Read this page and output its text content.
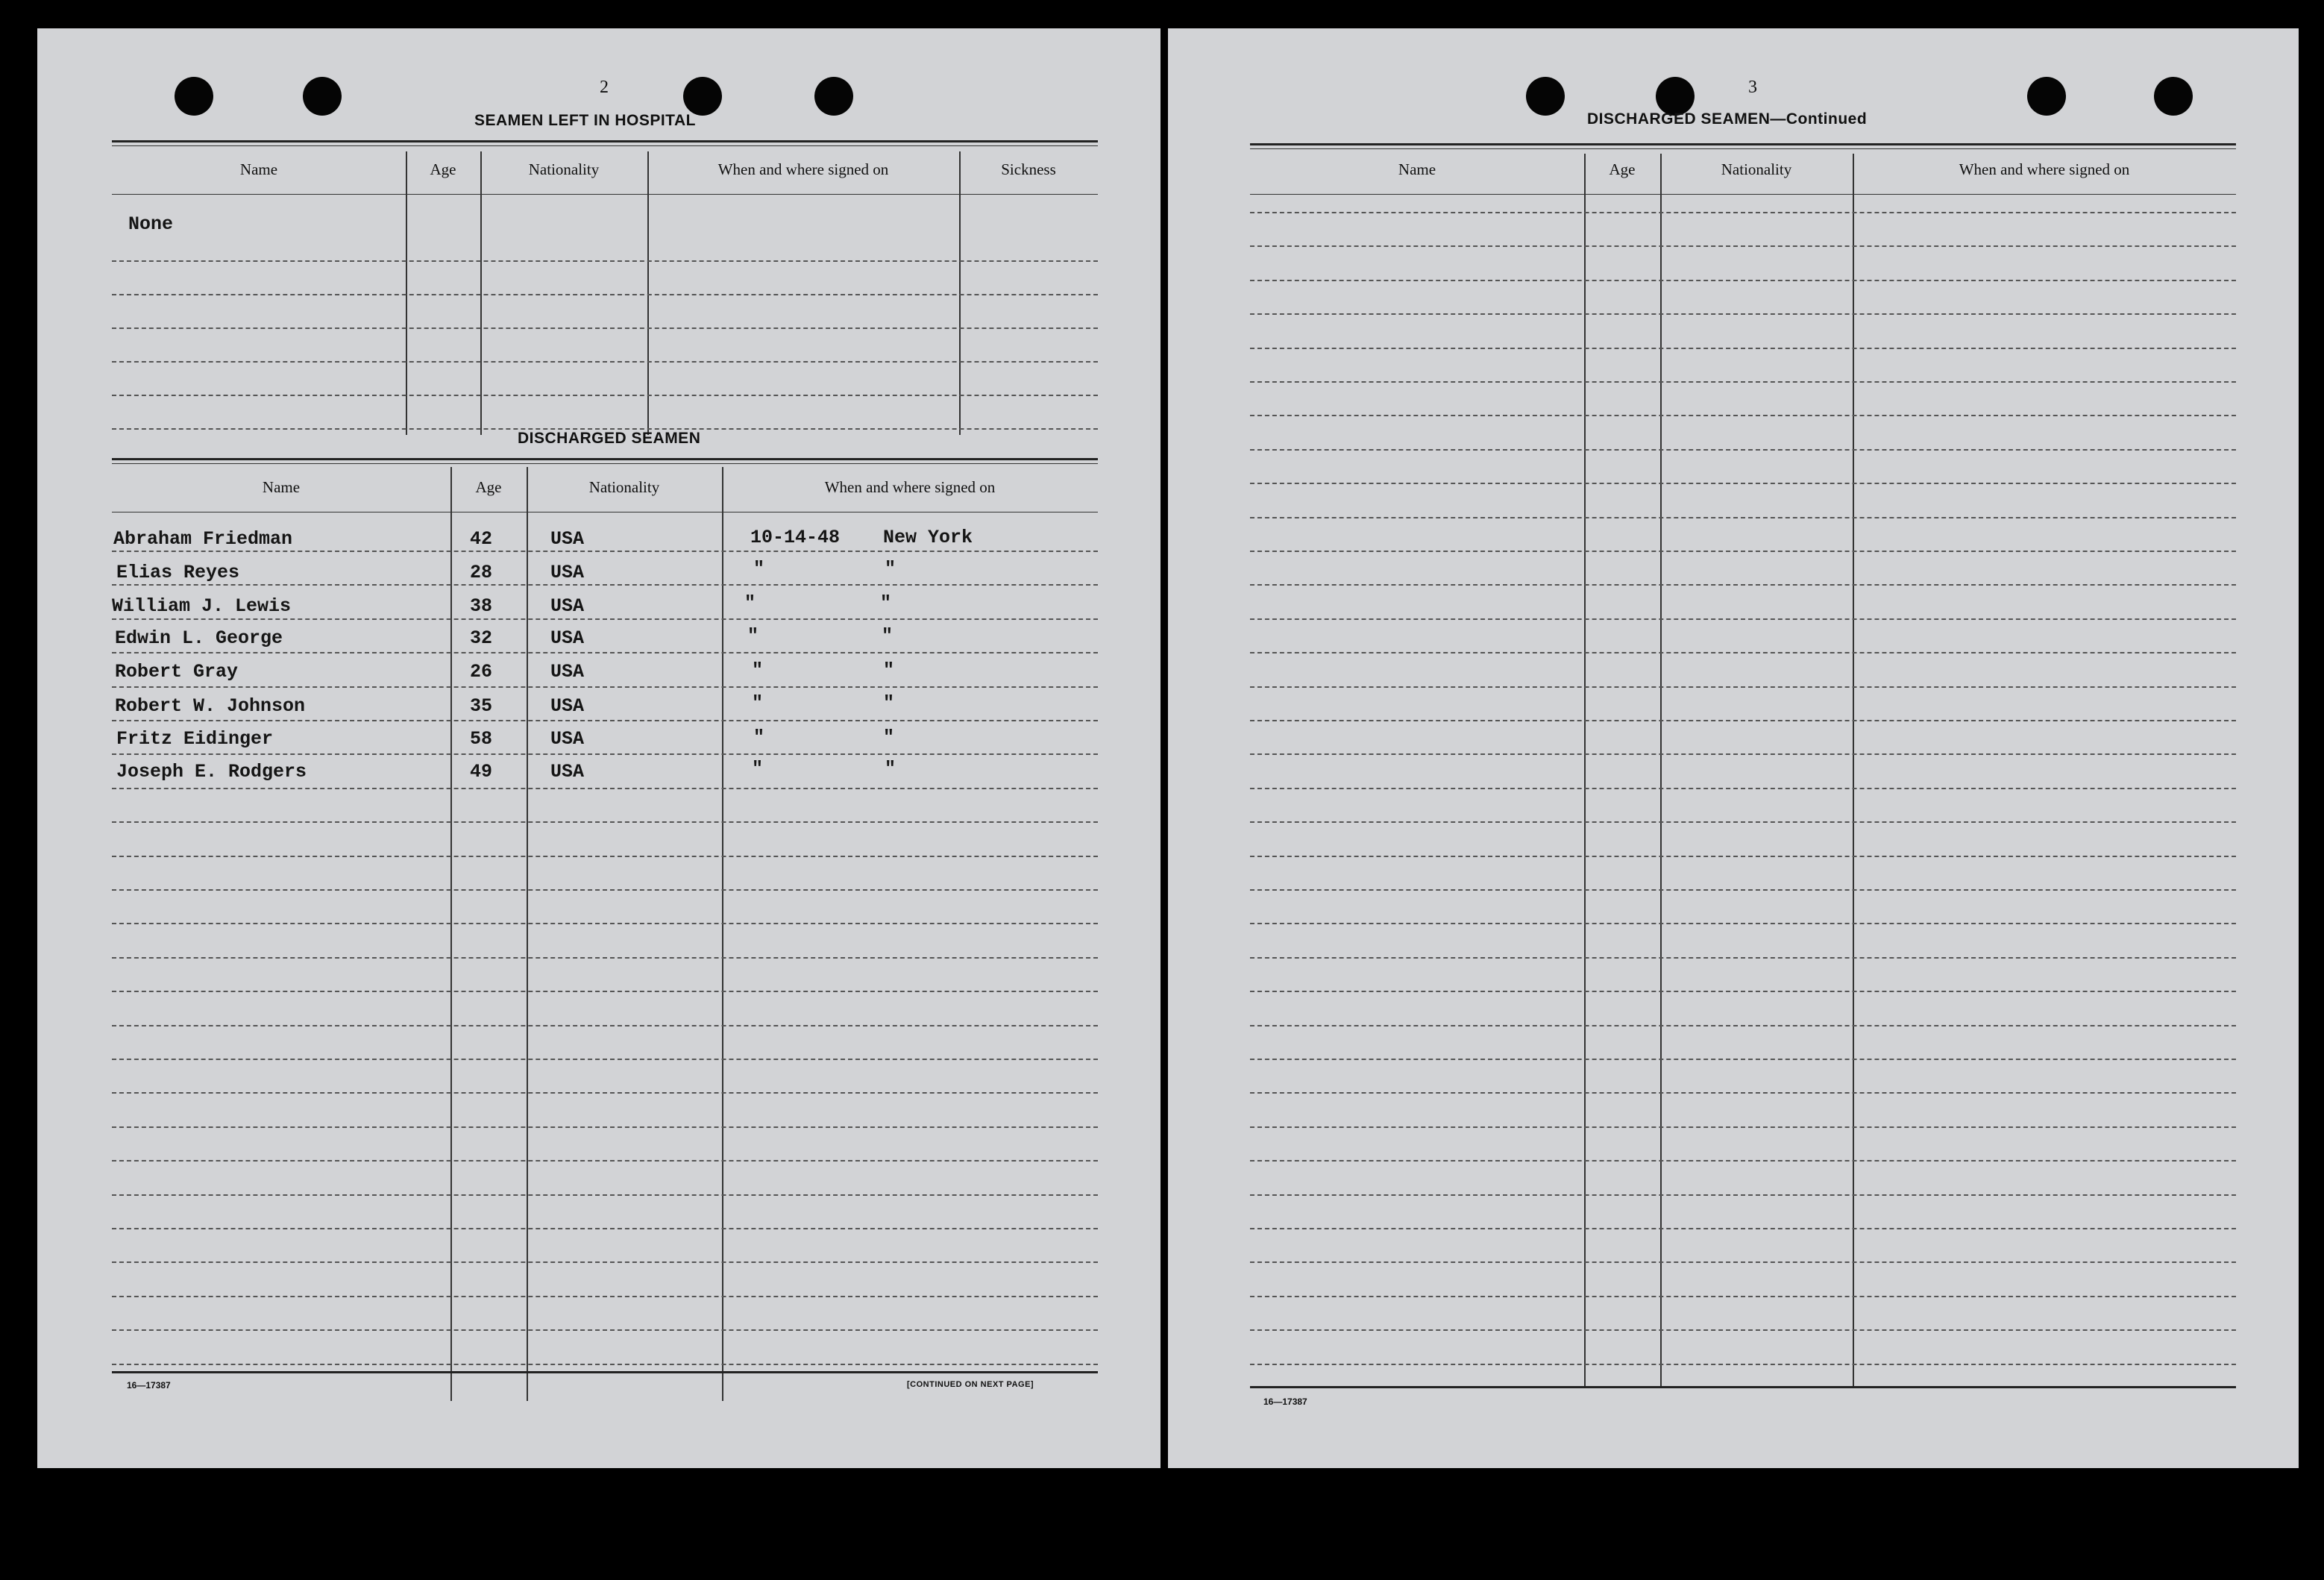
2
SEAMEN LEFT IN HOSPITAL
Name	Age	Nationality	When and where signed on	Sickness
None
DISCHARGED SEAMEN
Name	Age	Nationality	When and where signed on
Abraham Friedman	42	USA	10-14-48 New York
Elias Reyes	28	USA	"	"
William J. Lewis	38	USA	"	"
Edwin L. George	32	USA	"	"
Robert Gray	26	USA	"	"
Robert W. Johnson	35	USA	"	"
Fritz Eidinger	58	USA	"	"
Joseph E. Rodgers	49	USA	"	"
16—17387	[CONTINUED ON NEXT PAGE]
3
DISCHARGED SEAMEN—Continued
Name	Age	Nationality	When and where signed on
16—17387
